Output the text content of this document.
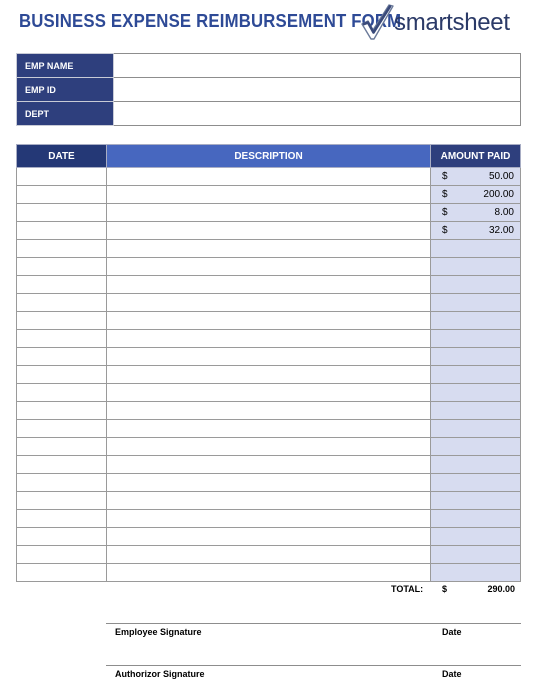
BUSINESS EXPENSE REIMBURSEMENT FORM
smartsheet
EMP NAME	
EMP ID	
DEPT	
DATE	DESCRIPTION	AMOUNT PAID

		$ 50.00

		$ 200.00

		$ 8.00

		$ 32.00

TOTAL: $	290.00
Employee Signature	Date
Authorizor Signature	Date
